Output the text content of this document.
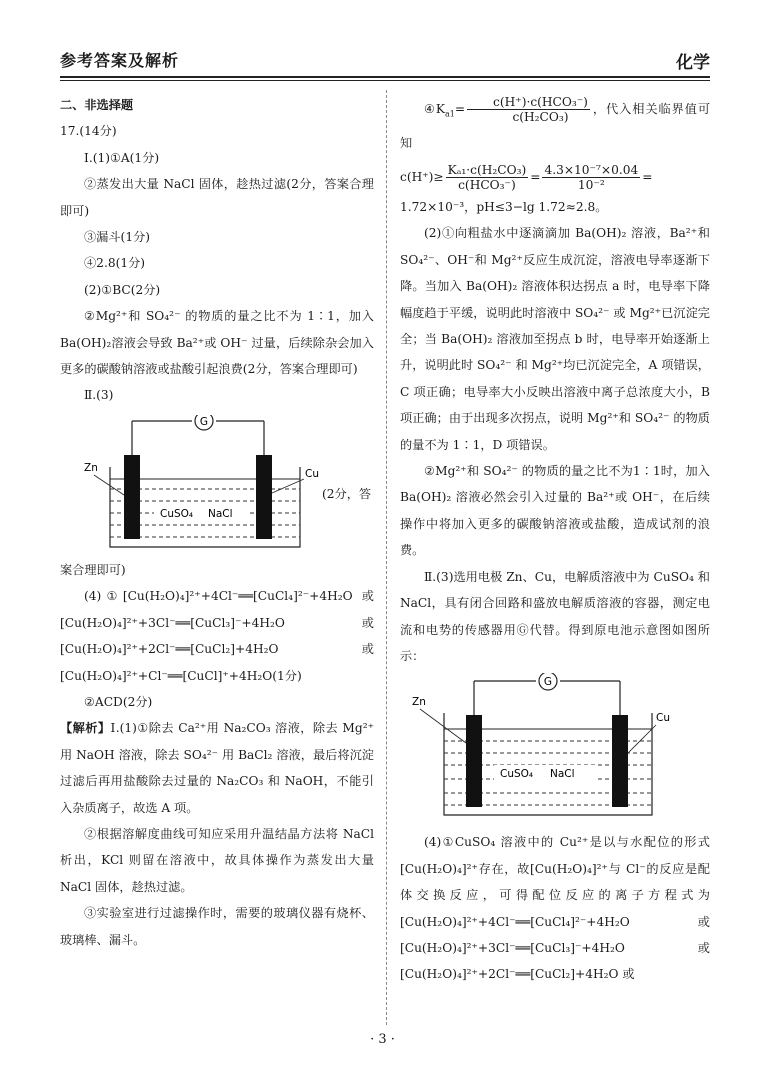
参考答案及解析	化学

二、非选择题

17.(14分)

Ⅰ.(1)①A(1分)

②蒸发出大量 NaCl 固体，趁热过滤(2分，答案合理即可)

③漏斗(1分)

④2.8(1分)

(2)①BC(2分)

②Mg²⁺和 SO₄²⁻ 的物质的量之比不为 1∶1，加入 Ba(OH)₂溶液会导致 Ba²⁺或 OH⁻ 过量，后续除杂会加入更多的碳酸钠溶液或盐酸引起浪费(2分，答案合理即可)

Ⅱ.(3)

G
Zn	Cu
CuSO₄ NaCl
(2分，答

案合理即可)

(4)①[Cu(H₂O)₄]²⁺+4Cl⁻══[CuCl₄]²⁻+4H₂O 或[Cu(H₂O)₄]²⁺+3Cl⁻══[CuCl₃]⁻+4H₂O 或[Cu(H₂O)₄]²⁺+2Cl⁻══[CuCl₂]+4H₂O 或[Cu(H₂O)₄]²⁺+Cl⁻══[CuCl]⁺+4H₂O(1分)

②ACD(2分)

【解析】Ⅰ.(1)①除去 Ca²⁺用 Na₂CO₃ 溶液，除去 Mg²⁺用 NaOH 溶液，除去 SO₄²⁻ 用 BaCl₂ 溶液，最后将沉淀过滤后再用盐酸除去过量的 Na₂CO₃ 和 NaOH，不能引入杂质离子，故选 A 项。

②根据溶解度曲线可知应采用升温结晶方法将 NaCl 析出，KCl 则留在溶液中，故具体操作为蒸发出大量 NaCl 固体，趁热过滤。

③实验室进行过滤操作时，需要的玻璃仪器有烧杯、玻璃棒、漏斗。

$④K_{a1}= \frac{\text{c(H⁺)·c(HCO₃⁻)}}{\text{c(H₂CO₃)}}$ ，代入相关临界值可知

$c(H^+)\ge \frac{\text{Kₐ₁·c(H₂CO₃)}}{\text{c(HCO₃⁻)}} = \frac{\text{4.3×10⁻⁷×0.04}}{\text{10⁻²}}$ =

1.72×10⁻³，pH≤3−lg 1.72≈2.8。

(2)①向粗盐水中逐滴滴加 Ba(OH)₂ 溶液，Ba²⁺和 SO₄²⁻、OH⁻和 Mg²⁺反应生成沉淀，溶液电导率逐渐下降。当加入 Ba(OH)₂ 溶液体积达拐点 a 时，电导率下降幅度趋于平缓，说明此时溶液中 SO₄²⁻ 或 Mg²⁺已沉淀完全；当 Ba(OH)₂ 溶液加至拐点 b 时，电导率开始逐渐上升，说明此时 SO₄²⁻ 和 Mg²⁺均已沉淀完全，A 项错误，C 项正确；电导率大小反映出溶液中离子总浓度大小，B 项正确；由于出现多次拐点，说明 Mg²⁺和 SO₄²⁻ 的物质的量不为 1∶1，D 项错误。

②Mg²⁺和 SO₄²⁻ 的物质的量之比不为1∶1时，加入 Ba(OH)₂ 溶液必然会引入过量的 Ba²⁺或 OH⁻，在后续操作中将加入更多的碳酸钠溶液或盐酸，造成试剂的浪费。

Ⅱ.(3)选用电极 Zn、Cu，电解质溶液中为 CuSO₄ 和 NaCl，具有闭合回路和盛放电解质溶液的容器，测定电流和电势的传感器用Ⓖ代替。得到原电池示意图如图所示：

G
Zn
Cu
CuSO₄ NaCl

(4)①CuSO₄ 溶液中的 Cu²⁺是以与水配位的形式[Cu(H₂O)₄]²⁺存在，故[Cu(H₂O)₄]²⁺与 Cl⁻的反应是配体交换反应，可得配位反应的离子方程式为[Cu(H₂O)₄]²⁺+4Cl⁻══[CuCl₄]²⁻+4H₂O 或[Cu(H₂O)₄]²⁺+3Cl⁻══[CuCl₃]⁻+4H₂O 或[Cu(H₂O)₄]²⁺+2Cl⁻══[CuCl₂]+4H₂O 或

· 3 ·
